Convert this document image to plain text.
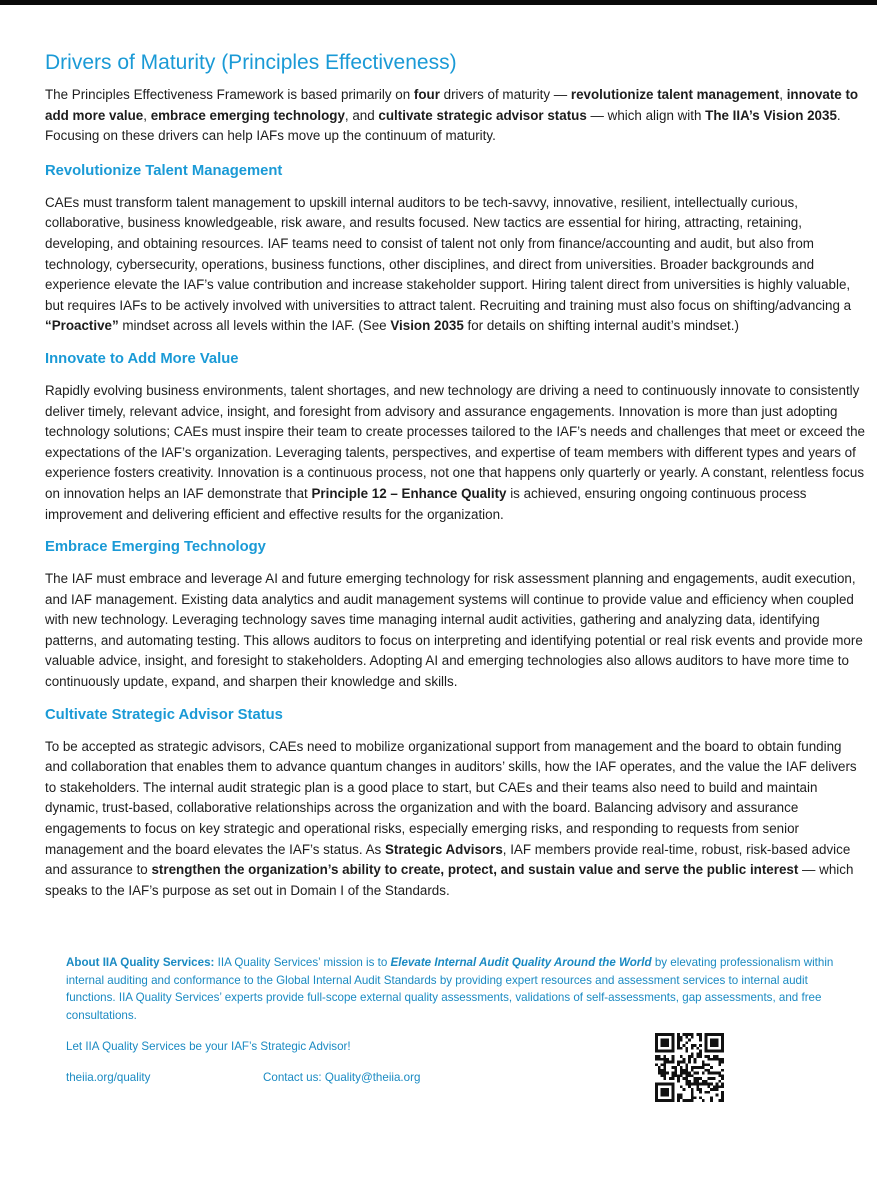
Drivers of Maturity (Principles Effectiveness)

The Principles Effectiveness Framework is based primarily on four drivers of maturity — revolutionize talent management, innovate to add more value, embrace emerging technology, and cultivate strategic advisor status — which align with The IIA’s Vision 2035. Focusing on these drivers can help IAFs move up the continuum of maturity.

Revolutionize Talent Management

CAEs must transform talent management to upskill internal auditors to be tech-savvy, innovative, resilient, intellectually curious, collaborative, business knowledgeable, risk aware, and results focused. New tactics are essential for hiring, attracting, retaining, developing, and obtaining resources. IAF teams need to consist of talent not only from finance/accounting and audit, but also from technology, cybersecurity, operations, business functions, other disciplines, and direct from universities. Broader backgrounds and experience elevate the IAF’s value contribution and increase stakeholder support. Hiring talent direct from universities is highly valuable, but requires IAFs to be actively involved with universities to attract talent. Recruiting and training must also focus on shifting/advancing a “Proactive” mindset across all levels within the IAF. (See Vision 2035 for details on shifting internal audit’s mindset.)

Innovate to Add More Value

Rapidly evolving business environments, talent shortages, and new technology are driving a need to continuously innovate to consistently deliver timely, relevant advice, insight, and foresight from advisory and assurance engagements. Innovation is more than just adopting technology solutions; CAEs must inspire their team to create processes tailored to the IAF’s needs and challenges that meet or exceed the expectations of the IAF’s organization. Leveraging talents, perspectives, and expertise of team members with different types and years of experience fosters creativity. Innovation is a continuous process, not one that happens only quarterly or yearly. A constant, relentless focus on innovation helps an IAF demonstrate that Principle 12 – Enhance Quality is achieved, ensuring ongoing continuous process improvement and delivering efficient and effective results for the organization.

Embrace Emerging Technology

The IAF must embrace and leverage AI and future emerging technology for risk assessment planning and engagements, audit execution, and IAF management. Existing data analytics and audit management systems will continue to provide value and efficiency when coupled with new technology. Leveraging technology saves time managing internal audit activities, gathering and analyzing data, identifying patterns, and automating testing. This allows auditors to focus on interpreting and identifying potential or real risk events and provide more valuable advice, insight, and foresight to stakeholders. Adopting AI and emerging technologies also allows auditors to have more time to continuously update, expand, and sharpen their knowledge and skills.

Cultivate Strategic Advisor Status

To be accepted as strategic advisors, CAEs need to mobilize organizational support from management and the board to obtain funding and collaboration that enables them to advance quantum changes in auditors’ skills, how the IAF operates, and the value the IAF delivers to stakeholders. The internal audit strategic plan is a good place to start, but CAEs and their teams also need to build and maintain dynamic, trust-based, collaborative relationships across the organization and with the board. Balancing advisory and assurance engagements to focus on key strategic and operational risks, especially emerging risks, and responding to requests from senior management and the board elevates the IAF’s status. As Strategic Advisors, IAF members provide real-time, robust, risk-based advice and assurance to strengthen the organization’s ability to create, protect, and sustain value and serve the public interest — which speaks to the IAF’s purpose as set out in Domain I of the Standards.

About IIA Quality Services: IIA Quality Services’ mission is to Elevate Internal Audit Quality Around the World by elevating professionalism within internal auditing and conformance to the Global Internal Audit Standards by providing expert resources and assessment services to internal audit functions. IIA Quality Services’ experts provide full-scope external quality assessments, validations of self-assessments, gap assessments, and free consultations.
Let IIA Quality Services be your IAF’s Strategic Advisor!
theiia.org/quality	Contact us: Quality@theiia.org
